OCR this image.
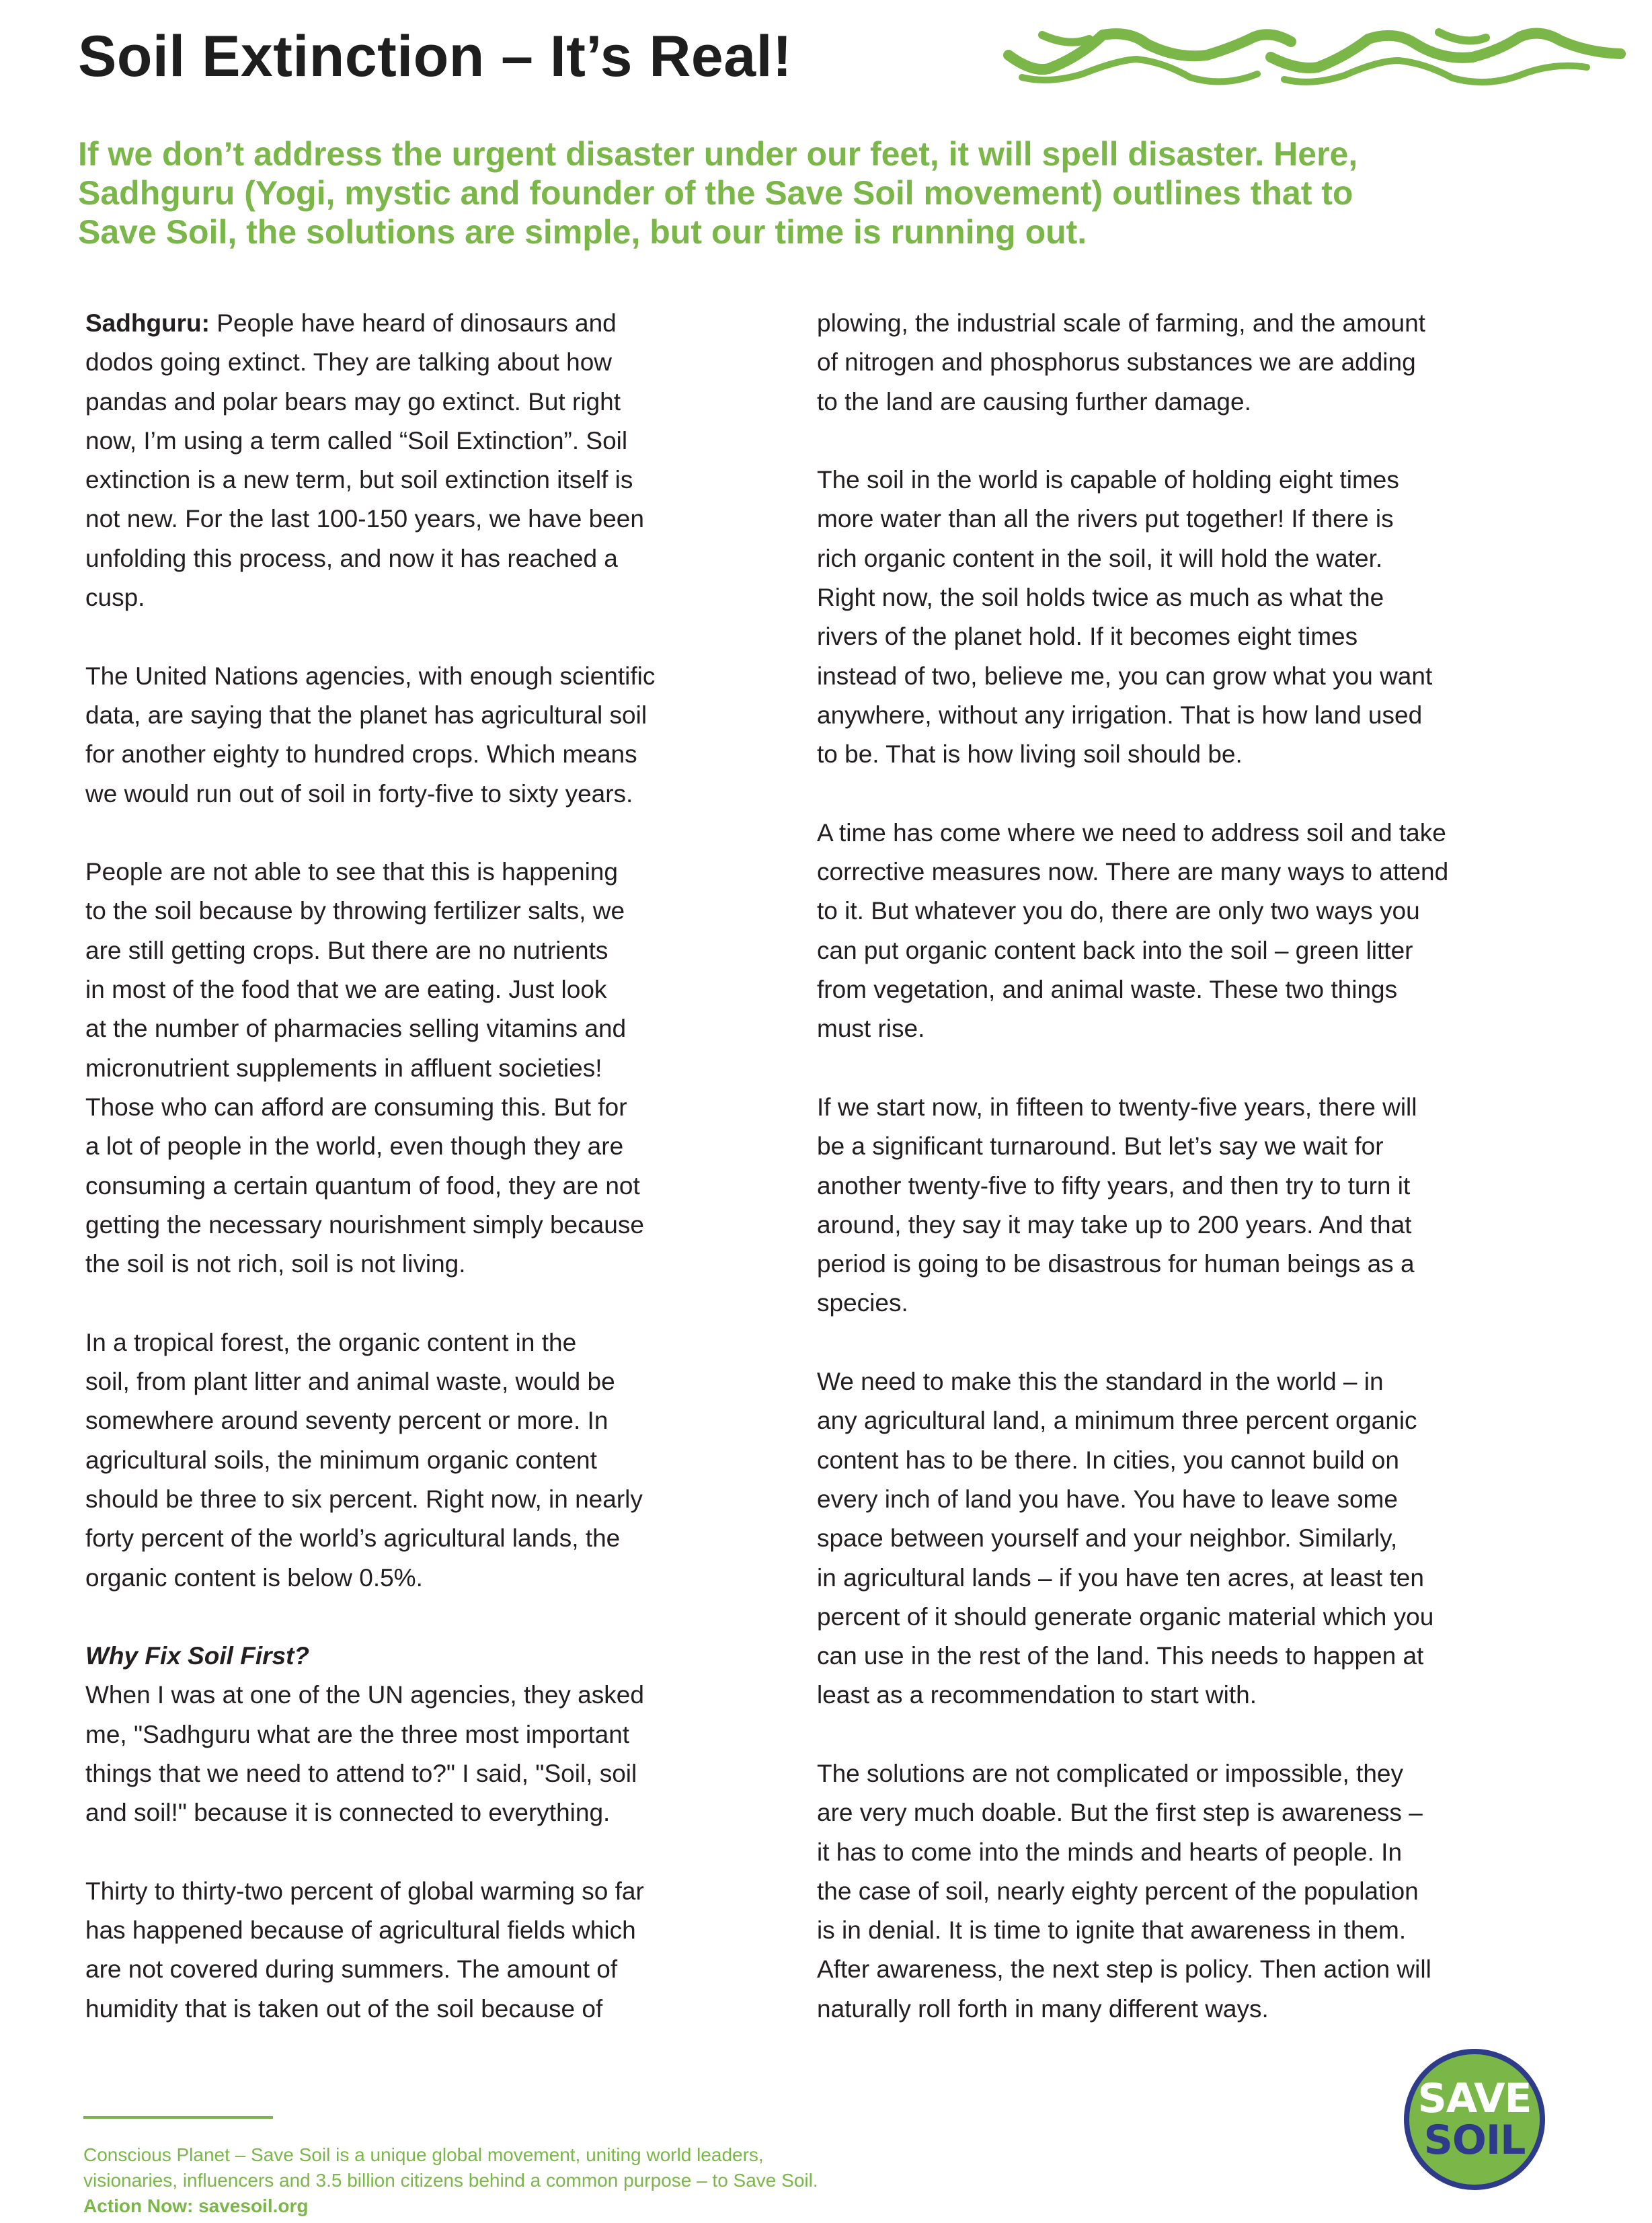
Soil Extinction – It’s Real!
If we don’t address the urgent disaster under our feet, it will spell disaster. Here,
Sadhguru (Yogi, mystic and founder of the Save Soil movement) outlines that to
Save Soil, the solutions are simple, but our time is running out.

Sadhguru: People have heard of dinosaurs and
dodos going extinct. They are talking about how
pandas and polar bears may go extinct. But right
now, I’m using a term called “Soil Extinction”. Soil
extinction is a new term, but soil extinction itself is
not new. For the last 100-150 years, we have been
unfolding this process, and now it has reached a
cusp.

The United Nations agencies, with enough scientific
data, are saying that the planet has agricultural soil
for another eighty to hundred crops. Which means
we would run out of soil in forty-five to sixty years.

People are not able to see that this is happening
to the soil because by throwing fertilizer salts, we
are still getting crops. But there are no nutrients
in most of the food that we are eating. Just look
at the number of pharmacies selling vitamins and
micronutrient supplements in affluent societies!
Those who can afford are consuming this. But for
a lot of people in the world, even though they are
consuming a certain quantum of food, they are not
getting the necessary nourishment simply because
the soil is not rich, soil is not living.

In a tropical forest, the organic content in the
soil, from plant litter and animal waste, would be
somewhere around seventy percent or more. In
agricultural soils, the minimum organic content
should be three to six percent. Right now, in nearly
forty percent of the world’s agricultural lands, the
organic content is below 0.5%.

Why Fix Soil First?

When I was at one of the UN agencies, they asked
me, "Sadhguru what are the three most important
things that we need to attend to?" I said, "Soil, soil
and soil!" because it is connected to everything.

Thirty to thirty-two percent of global warming so far
has happened because of agricultural fields which
are not covered during summers. The amount of
humidity that is taken out of the soil because of

plowing, the industrial scale of farming, and the amount
of nitrogen and phosphorus substances we are adding
to the land are causing further damage.

The soil in the world is capable of holding eight times
more water than all the rivers put together! If there is
rich organic content in the soil, it will hold the water.
Right now, the soil holds twice as much as what the
rivers of the planet hold. If it becomes eight times
instead of two, believe me, you can grow what you want
anywhere, without any irrigation. That is how land used
to be. That is how living soil should be.

A time has come where we need to address soil and take
corrective measures now. There are many ways to attend
to it. But whatever you do, there are only two ways you
can put organic content back into the soil – green litter
from vegetation, and animal waste. These two things
must rise.

If we start now, in fifteen to twenty-five years, there will
be a significant turnaround. But let’s say we wait for
another twenty-five to fifty years, and then try to turn it
around, they say it may take up to 200 years. And that
period is going to be disastrous for human beings as a
species.

We need to make this the standard in the world – in
any agricultural land, a minimum three percent organic
content has to be there. In cities, you cannot build on
every inch of land you have. You have to leave some
space between yourself and your neighbor. Similarly,
in agricultural lands – if you have ten acres, at least ten
percent of it should generate organic material which you
can use in the rest of the land. This needs to happen at
least as a recommendation to start with.

The solutions are not complicated or impossible, they
are very much doable. But the first step is awareness –
it has to come into the minds and hearts of people. In
the case of soil, nearly eighty percent of the population
is in denial. It is time to ignite that awareness in them.
After awareness, the next step is policy. Then action will
naturally roll forth in many different ways.

Conscious Planet – Save Soil is a unique global movement, uniting world leaders,
visionaries, influencers and 3.5 billion citizens behind a common purpose – to Save Soil.
Action Now: savesoil.org
SAVE
SOIL
